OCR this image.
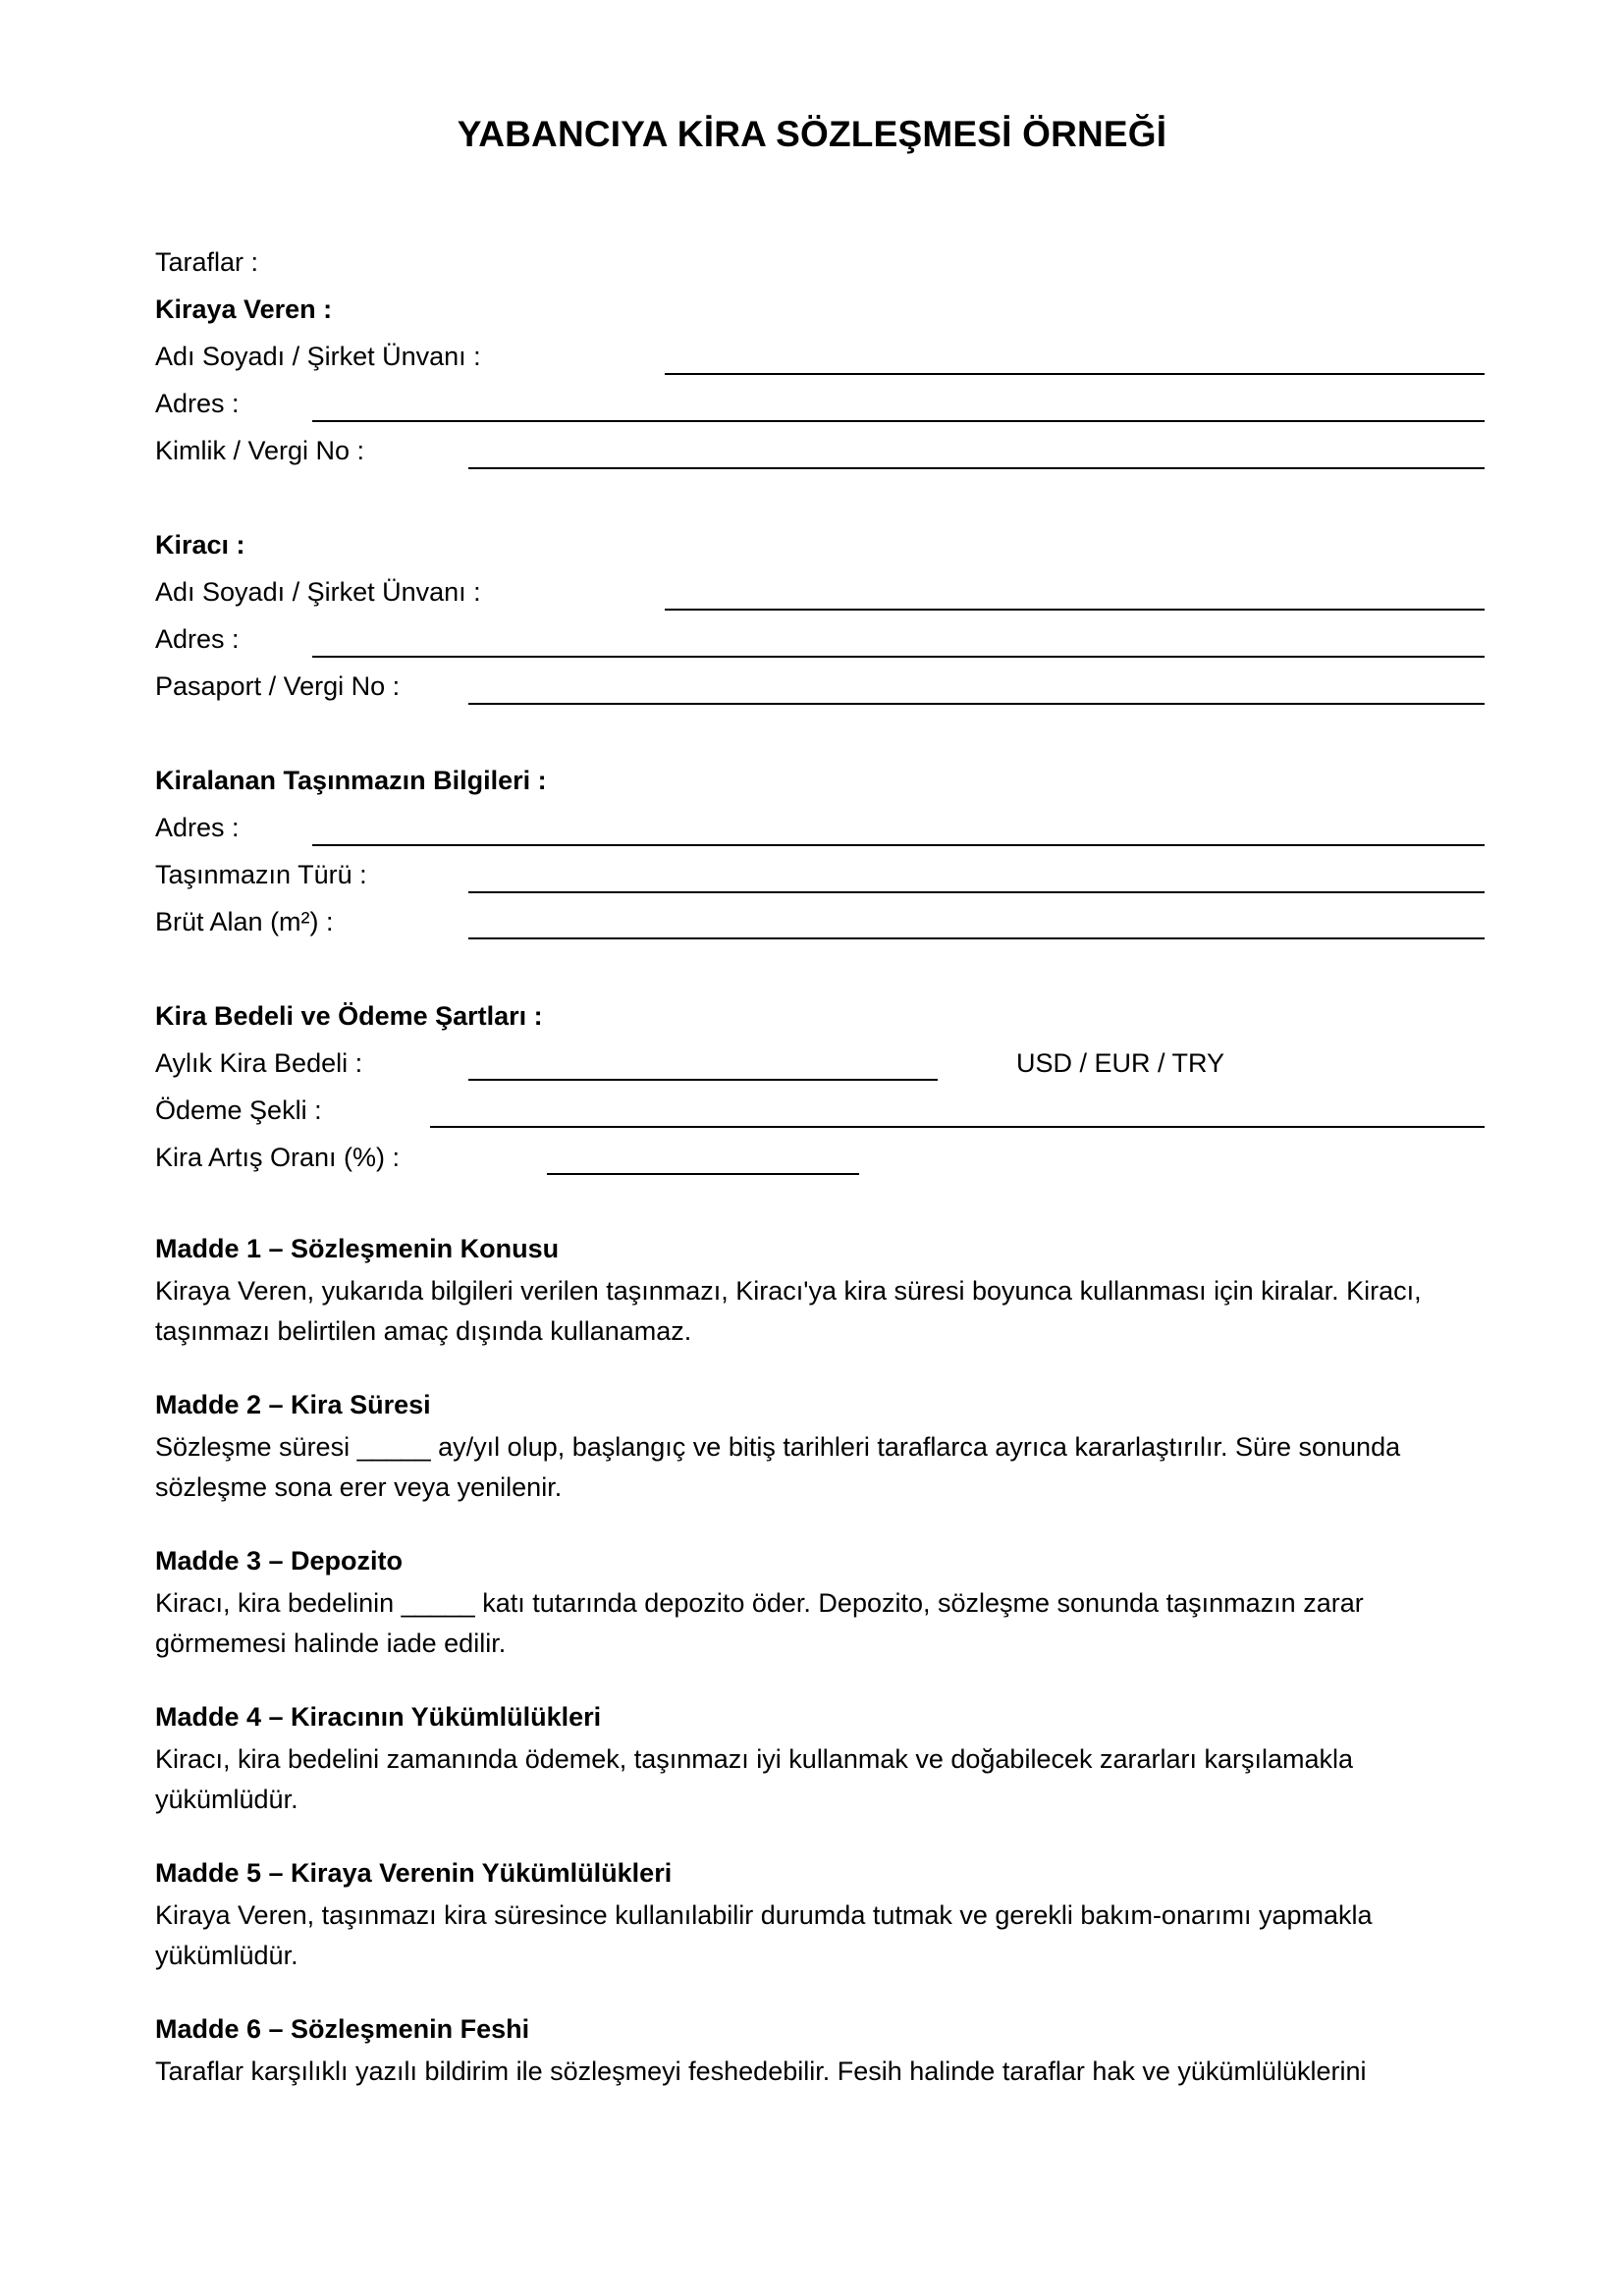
YABANCIYA KİRA SÖZLEŞMESİ ÖRNEĞİ
Taraflar :
Kiraya Veren :
Adı Soyadı / Şirket Ünvanı :
Adres :
Kimlik / Vergi No :
Kiracı :
Adı Soyadı / Şirket Ünvanı :
Adres :
Pasaport / Vergi No :
Kiralanan Taşınmazın Bilgileri :
Adres :
Taşınmazın Türü :
Brüt Alan (m²) :
Kira Bedeli ve Ödeme Şartları :
Aylık Kira Bedeli :	USD / EUR / TRY
Ödeme Şekli :
Kira Artış Oranı (%) :
Madde 1 – Sözleşmenin Konusu
Kiraya Veren, yukarıda bilgileri verilen taşınmazı, Kiracı'ya kira süresi boyunca kullanması için kiralar. Kiracı, taşınmazı belirtilen amaç dışında kullanamaz.
Madde 2 – Kira Süresi
Sözleşme süresi _____ ay/yıl olup, başlangıç ve bitiş tarihleri taraflarca ayrıca kararlaştırılır. Süre sonunda sözleşme sona erer veya yenilenir.
Madde 3 – Depozito
Kiracı, kira bedelinin _____ katı tutarında depozito öder. Depozito, sözleşme sonunda taşınmazın zarar görmemesi halinde iade edilir.
Madde 4 – Kiracının Yükümlülükleri
Kiracı, kira bedelini zamanında ödemek, taşınmazı iyi kullanmak ve doğabilecek zararları karşılamakla yükümlüdür.
Madde 5 – Kiraya Verenin Yükümlülükleri
Kiraya Veren, taşınmazı kira süresince kullanılabilir durumda tutmak ve gerekli bakım-onarımı yapmakla yükümlüdür.
Madde 6 – Sözleşmenin Feshi
Taraflar karşılıklı yazılı bildirim ile sözleşmeyi feshedebilir. Fesih halinde taraflar hak ve yükümlülüklerini
